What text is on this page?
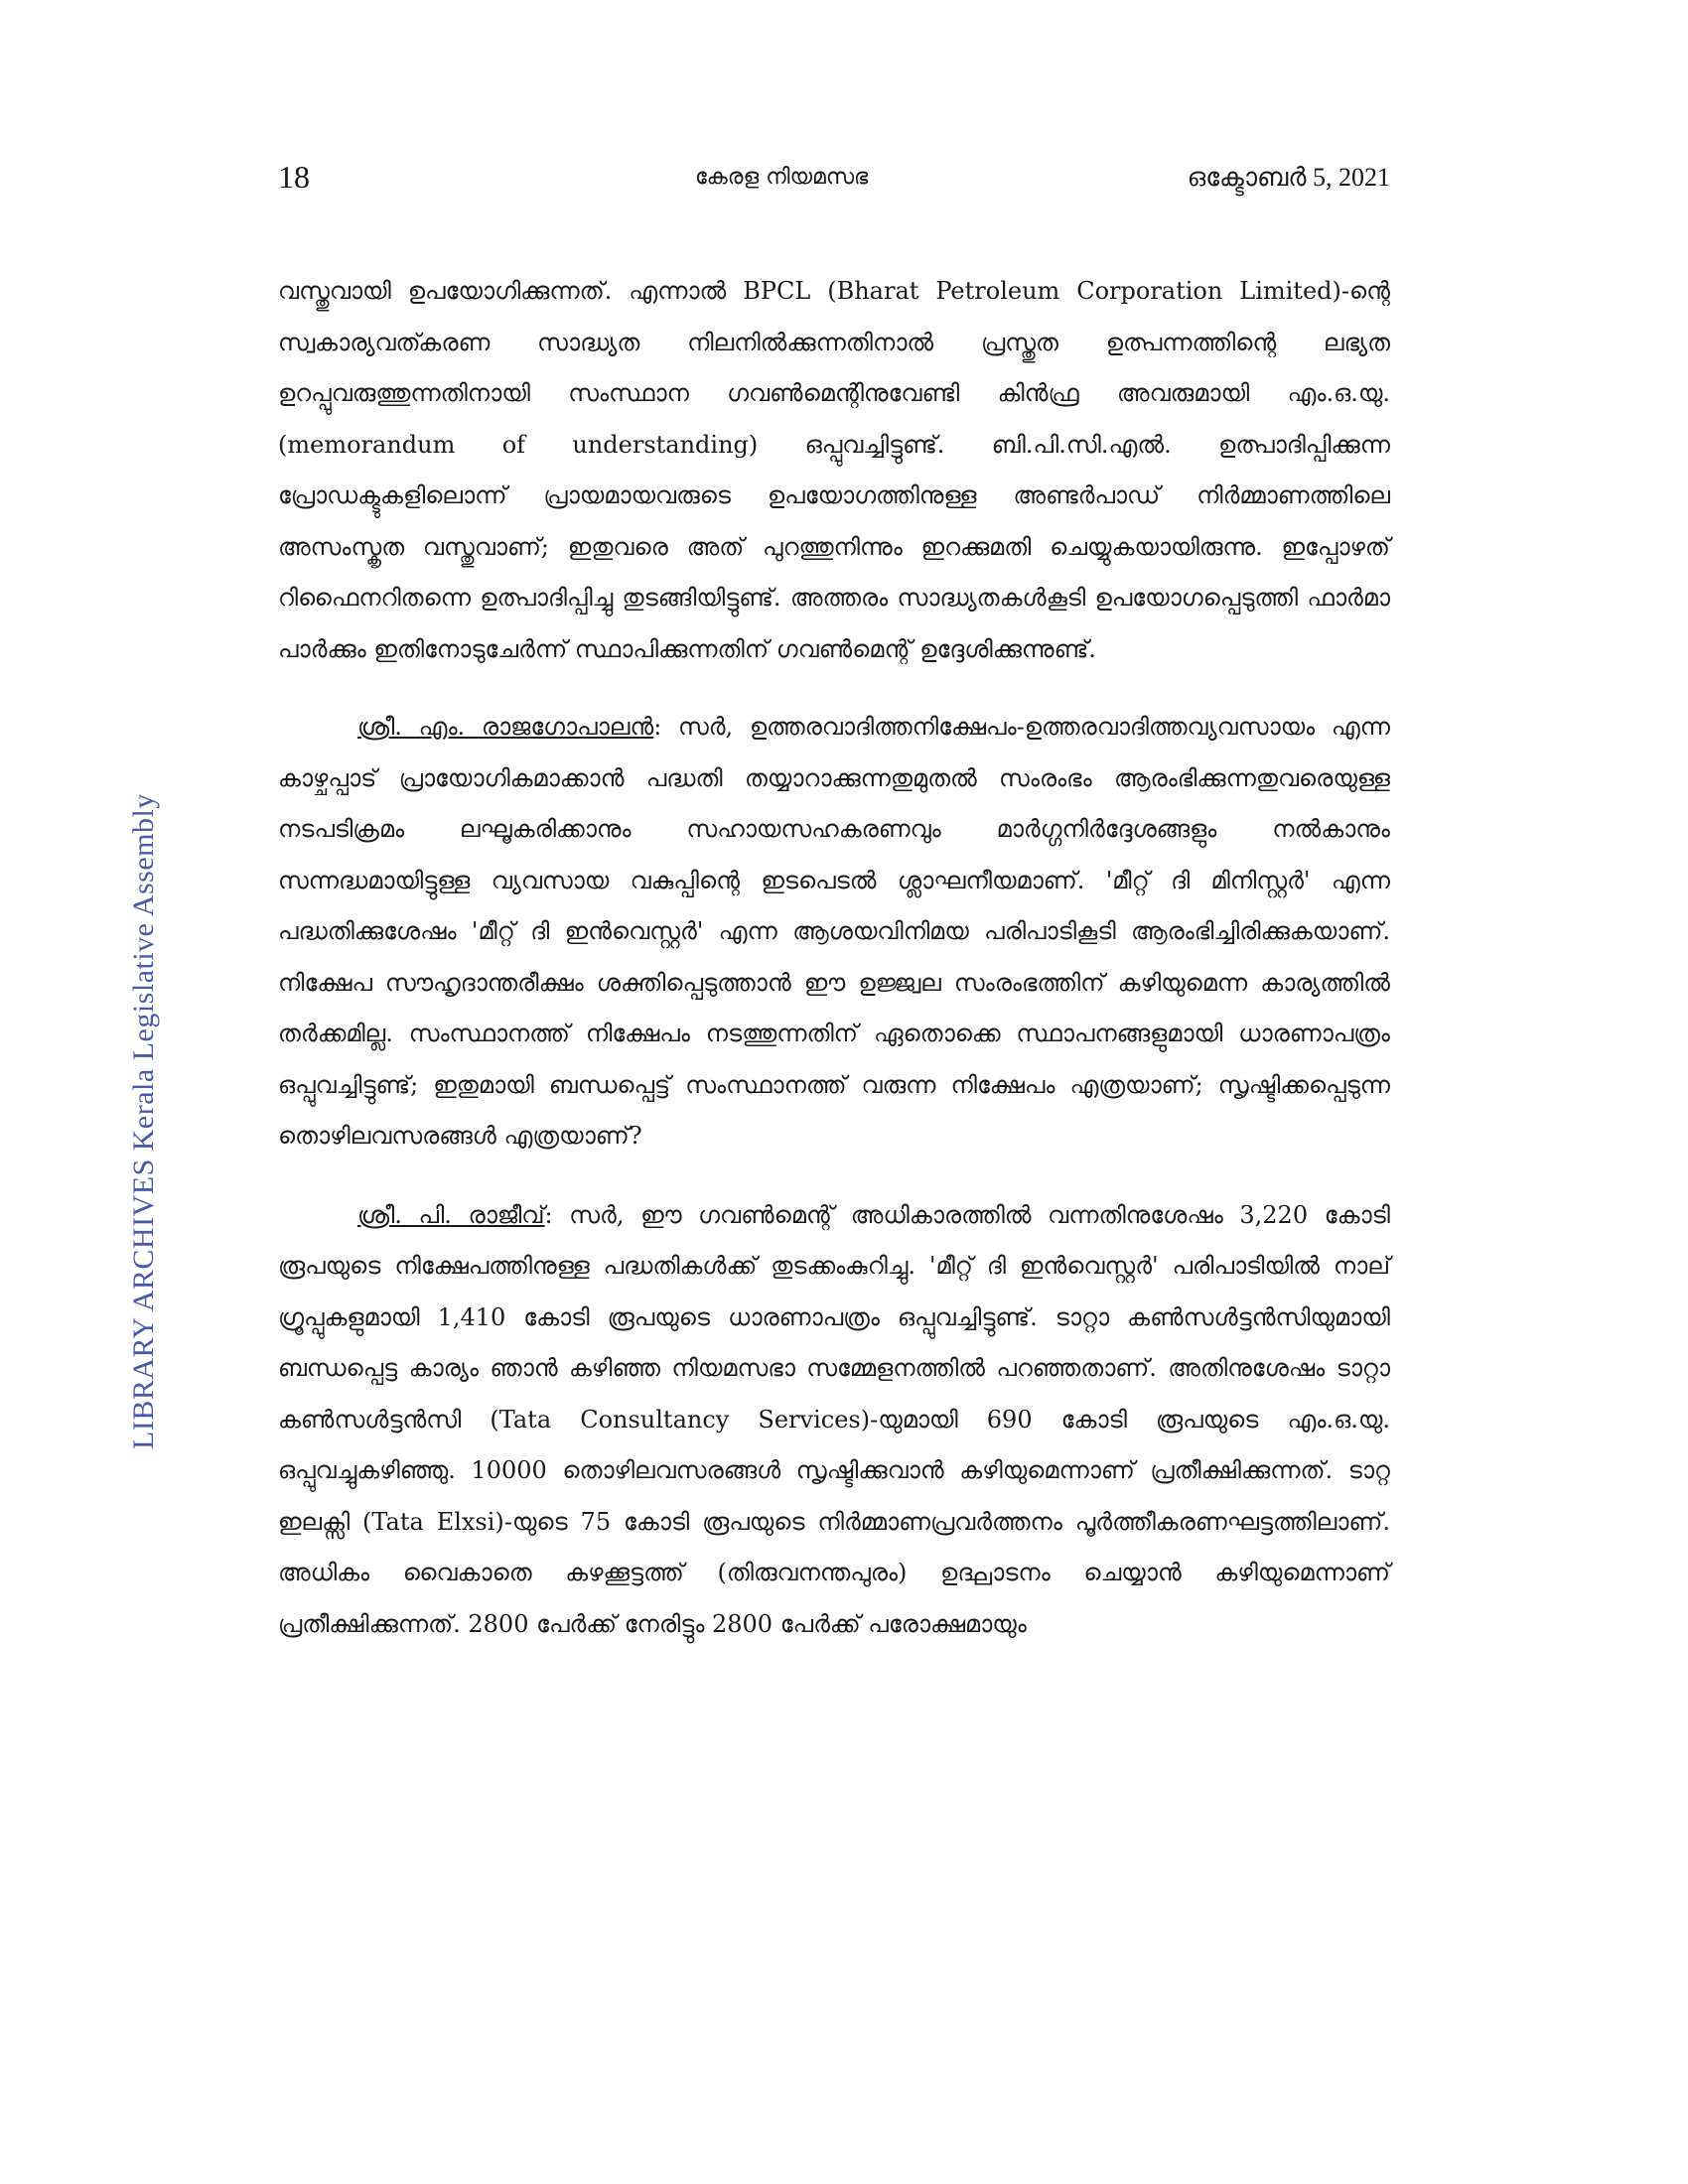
18	കേരള നിയമസഭ	ഒക്ടോബർ 5, 2021
LIBRARY ARCHIVES Kerala Legislative Assembly

വസ്തുവായി ഉപയോഗിക്കുന്നത്. എന്നാൽ BPCL (Bharat Petroleum Corporation Limited)-ന്റെ സ്വകാര്യവത്കരണ സാദ്ധ്യത നിലനിൽക്കുന്നതിനാൽ പ്രസ്തുത ഉത്പന്നത്തിന്റെ ലഭ്യത ഉറപ്പുവരുത്തുന്നതിനായി സംസ്ഥാന ഗവൺമെന്റിനുവേണ്ടി കിൻഫ്ര അവരുമായി എം.ഒ.യു.(memorandum of understanding) ഒപ്പുവച്ചിട്ടുണ്ട്. ബി.പി.സി.എൽ. ഉത്പാദിപ്പിക്കുന്ന പ്രോഡക്ടുകളിലൊന്ന് പ്രായമായവരുടെ ഉപയോഗത്തിനുള്ള അണ്ടർപാഡ് നിർമ്മാണത്തിലെ അസംസ്കൃത വസ്തുവാണ്; ഇതുവരെ അത് പുറത്തുനിന്നും ഇറക്കുമതി ചെയ്യുകയായിരുന്നു. ഇപ്പോഴത് റിഫൈനറിതന്നെ ഉത്പാദിപ്പിച്ചു തുടങ്ങിയിട്ടുണ്ട്. അത്തരം സാദ്ധ്യതകൾകൂടി ഉപയോഗപ്പെടുത്തി ഫാർമാ പാർക്കും ഇതിനോടുചേർന്ന് സ്ഥാപിക്കുന്നതിന് ഗവൺമെന്റ് ഉദ്ദേശിക്കുന്നുണ്ട്.

ശ്രീ. എം. രാജഗോപാലൻ: സർ, ഉത്തരവാദിത്തനിക്ഷേപം-ഉത്തരവാദിത്തവ്യവസായം എന്ന കാഴ്ചപ്പാട് പ്രായോഗികമാക്കാൻ പദ്ധതി തയ്യാറാക്കുന്നതുമുതൽ സംരംഭം ആരംഭിക്കുന്നതുവരെയുള്ള നടപടിക്രമം ലഘൂകരിക്കാനും സഹായസഹകരണവും മാർഗ്ഗനിർദ്ദേശങ്ങളും നൽകാനും സന്നദ്ധമായിട്ടുള്ള വ്യവസായ വകുപ്പിന്റെ ഇടപെടൽ ശ്ലാഘനീയമാണ്. 'മീറ്റ് ദി മിനിസ്റ്റർ' എന്ന പദ്ധതിക്കുശേഷം 'മീറ്റ് ദി ഇൻവെസ്റ്റർ' എന്ന ആശയവിനിമയ പരിപാടികൂടി ആരംഭിച്ചിരിക്കുകയാണ്. നിക്ഷേപ സൗഹൃദാന്തരീക്ഷം ശക്തിപ്പെടുത്താൻ ഈ ഉജ്ജ്വല സംരംഭത്തിന് കഴിയുമെന്ന കാര്യത്തിൽ തർക്കമില്ല. സംസ്ഥാനത്ത് നിക്ഷേപം നടത്തുന്നതിന് ഏതൊക്കെ സ്ഥാപനങ്ങളുമായി ധാരണാപത്രം ഒപ്പുവച്ചിട്ടുണ്ട്; ഇതുമായി ബന്ധപ്പെട്ട് സംസ്ഥാനത്ത് വരുന്ന നിക്ഷേപം എത്രയാണ്; സൃഷ്ടിക്കപ്പെടുന്ന തൊഴിലവസരങ്ങൾ എത്രയാണ്?

ശ്രീ. പി. രാജീവ്: സർ, ഈ ഗവൺമെന്റ് അധികാരത്തിൽ വന്നതിനുശേഷം 3,220 കോടി രൂപയുടെ നിക്ഷേപത്തിനുള്ള പദ്ധതികൾക്ക് തുടക്കംകുറിച്ചു. 'മീറ്റ് ദി ഇൻവെസ്റ്റർ' പരിപാടിയിൽ നാല് ഗ്രൂപ്പുകളുമായി 1,410 കോടി രൂപയുടെ ധാരണാപത്രം ഒപ്പുവച്ചിട്ടുണ്ട്. ടാറ്റാ കൺസൾട്ടൻസിയുമായി ബന്ധപ്പെട്ട കാര്യം ഞാൻ കഴിഞ്ഞ നിയമസഭാ സമ്മേളനത്തിൽ പറഞ്ഞതാണ്. അതിനുശേഷം ടാറ്റാ കൺസൾട്ടൻസി (Tata Consultancy Services)-യുമായി 690 കോടി രൂപയുടെ എം.ഒ.യു. ഒപ്പുവച്ചുകഴിഞ്ഞു. 10000 തൊഴിലവസരങ്ങൾ സൃഷ്ടിക്കുവാൻ കഴിയുമെന്നാണ് പ്രതീക്ഷിക്കുന്നത്. ടാറ്റ ഇലക്സി (Tata Elxsi)-യുടെ 75 കോടി രൂപയുടെ നിർമ്മാണപ്രവർത്തനം പൂർത്തീകരണഘട്ടത്തിലാണ്. അധികം വൈകാതെ കഴക്കൂട്ടത്ത് (തിരുവനന്തപുരം) ഉദ്ഘാടനം ചെയ്യാൻ കഴിയുമെന്നാണ് പ്രതീക്ഷിക്കുന്നത്. 2800 പേർക്ക് നേരിട്ടും 2800 പേർക്ക് പരോക്ഷമായും
